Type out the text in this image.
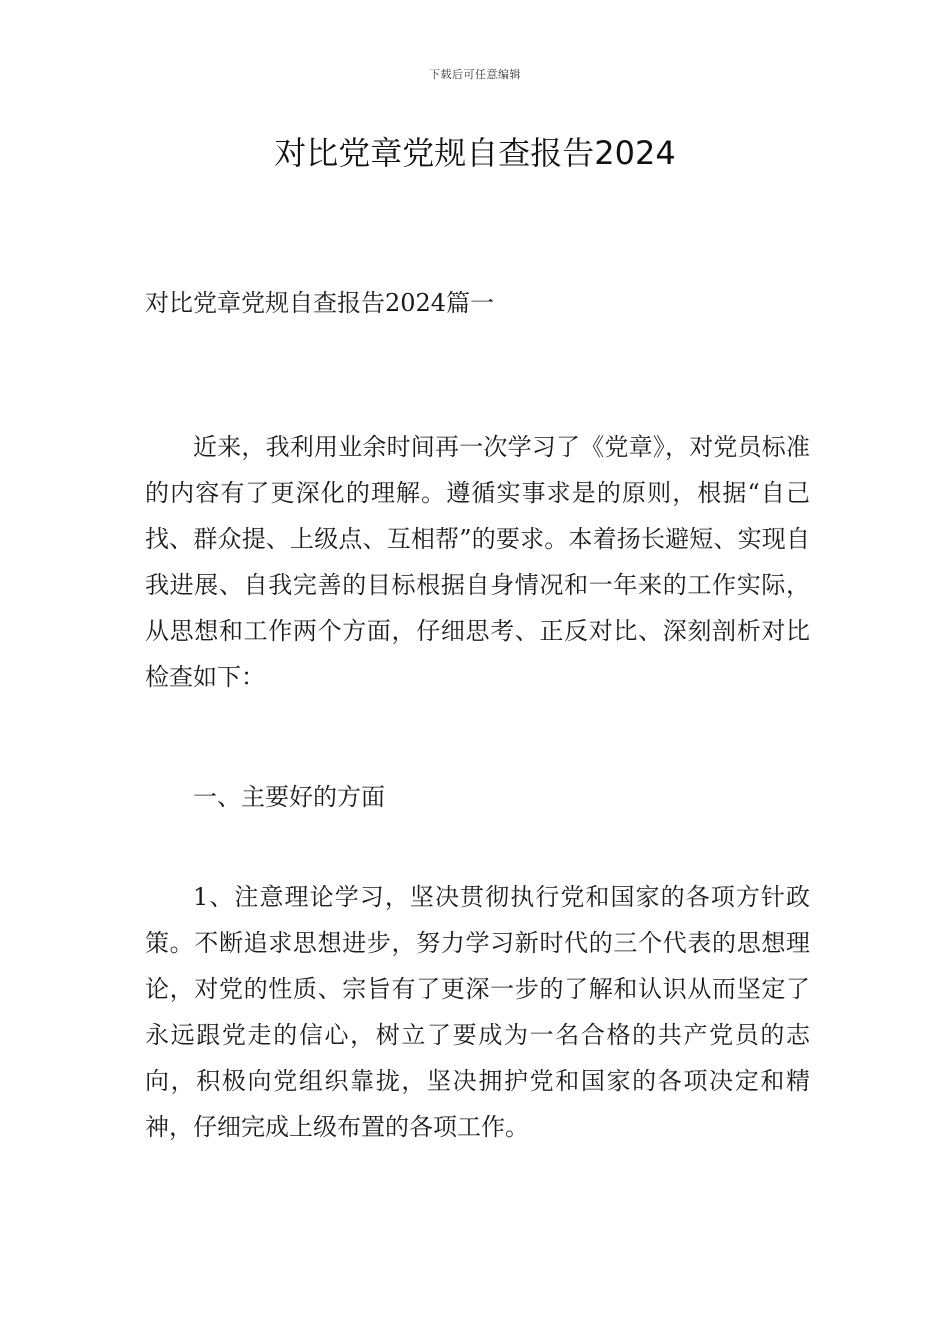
下载后可任意编辑
对比党章党规自查报告2024
对比党章党规自查报告2024篇一

近来，我利用业余时间再一次学习了《党章》，对党员标准的内容有了更深化的理解。遵循实事求是的原则，根据“自己找、群众提、上级点、互相帮”的要求。本着扬长避短、实现自我进展、自我完善的目标根据自身情况和一年来的工作实际，从思想和工作两个方面，仔细思考、正反对比、深刻剖析对比检查如下：

一、主要好的方面

1、注意理论学习，坚决贯彻执行党和国家的各项方针政策。不断追求思想进步，努力学习新时代的三个代表的思想理论，对党的性质、宗旨有了更深一步的了解和认识从而坚定了永远跟党走的信心，树立了要成为一名合格的共产党员的志向，积极向党组织靠拢，坚决拥护党和国家的各项决定和精神，仔细完成上级布置的各项工作。
